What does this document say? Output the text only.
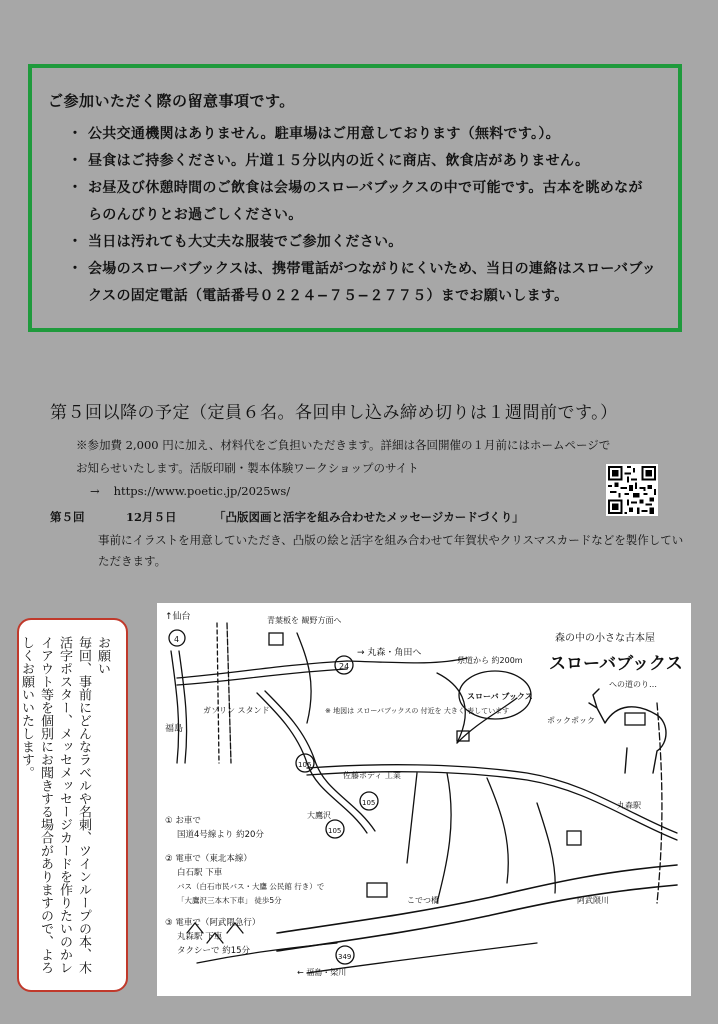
ご参加いただく際の留意事項です。

・ 公共交通機関はありません。駐車場はご用意しております（無料です。）。
・ 昼食はご持参ください。片道１５分以内の近くに商店、飲食店がありません。
・ お昼及び休憩時間のご飲食は会場のスローバブックスの中で可能です。古本を眺めながらのんびりとお過ごしください。
・ 当日は汚れても大丈夫な服装でご参加ください。
・ 会場のスローバブックスは、携帯電話がつながりにくいため、当日の連絡はスローバブックスの固定電話（電話番号０２２４−７５−２７７５）までお願いします。
第５回以降の予定（定員６名。各回申し込み締め切りは１週間前です。）
※参加費 2,000 円に加え、材料代をご負担いただきます。詳細は各回開催の１月前にはホームページでお知らせいたします。活版印刷・製本体験ワークショップのサイト→ https://www.poetic.jp/2025ws/
第５回	12月５日	「凸版図画と活字を組み合わせたメッセージカードづくり」
事前にイラストを用意していただき、凸版の絵と活字を組み合わせて年賀状やクリスマスカードなどを製作していただきます。
お願い
毎回、事前にどんなラベルや名刺、ツインループの本、木活字ポスター、メッセメッセージカードを作りたいのかレイアウト等を個別にお聞きする場合がありますので、よろしくお願いいたします。
↑仙台
4
24
106
105
105
349
→ 丸森・角田へ
福島
青葉板を 観野方面へ
ガソリン スタンド
佐藤ボディ 工業
大鷹沢
丸森駅
阿武隈川
← 福島・梁川
ポックポック
こでつ橋
森の中の小さな古本屋
スローバブックス
への道のり…
スローバ ブックス
県道から 約200m
※ 地図は スローバブックスの 付近を 大きく 表しています
① お車で
国道4号線より 約20分
② 電車で（東北本線）
白石駅 下車
バス（白石市民バス・大鷹 公民館 行き）で
「大鷹沢三本木下車」 徒歩5分
③ 電車で（阿武隈急行）
丸森駅 下車
タクシーで 約15分
